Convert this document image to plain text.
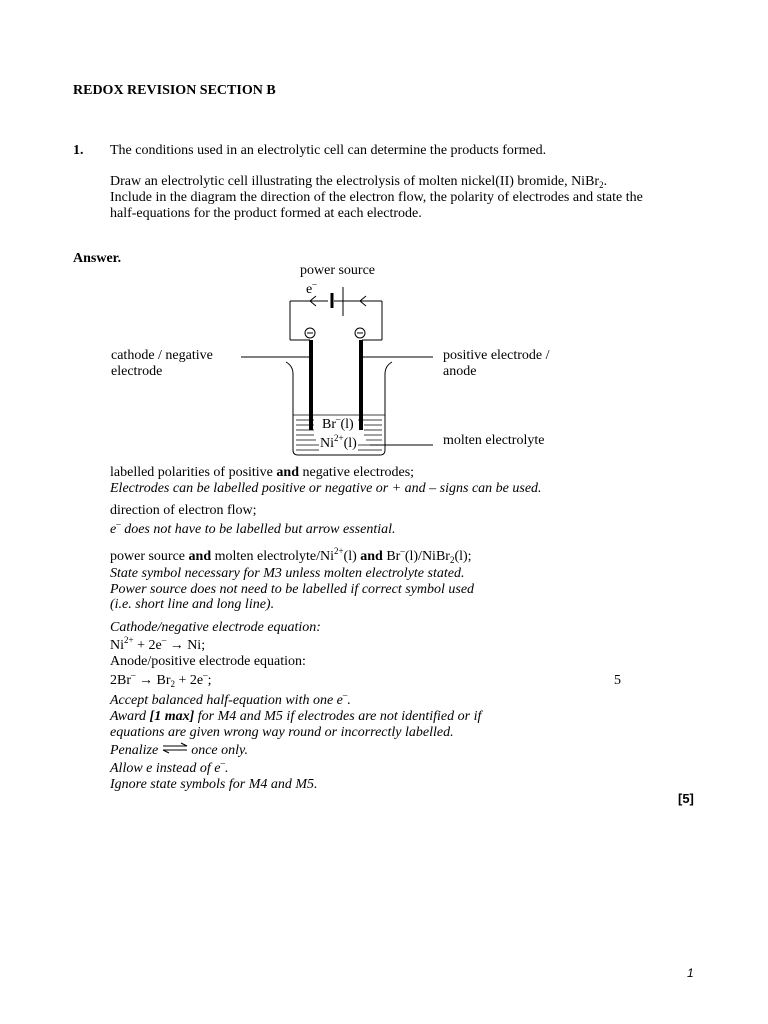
REDOX REVISION SECTION B
1. The conditions used in an electrolytic cell can determine the products formed.
Draw an electrolytic cell illustrating the electrolysis of molten nickel(II) bromide, NiBr$_2$.
Include in the diagram the direction of the electron flow, the polarity of electrodes and state the
half-equations for the product formed at each electrode.
Answer.
power source
e–
cathode / negative
electrode
positive electrode /
anode
Br–(l)
$Ni^{2+}(l)$	molten electrolyte
labelled polarities of positive and negative electrodes;
Electrodes can be labelled positive or negative or + and – signs can be used.
direction of electron flow;
e– does not have to be labelled but arrow essential.
power source and molten electrolyte/$Ni^{2+}(l)$ and Br–(l)/NiBr$_2$(l);
State symbol necessary for M3 unless molten electrolyte stated.
Power source does not need to be labelled if correct symbol used
(i.e. short line and long line).
Cathode/negative electrode equation:
$Ni^{2+} + 2e^- \to Ni$;
Anode/positive electrode equation:
$2Br^- \to Br_2 + 2e^-$;	5
Accept balanced half-equation with one e–.
Award [1 max] for M4 and M5 if electrodes are not identified or if
equations are given wrong way round or incorrectly labelled.
Penalize ⇌ once only.
Allow e instead of e–.
Ignore state symbols for M4 and M5.
[5]
1
